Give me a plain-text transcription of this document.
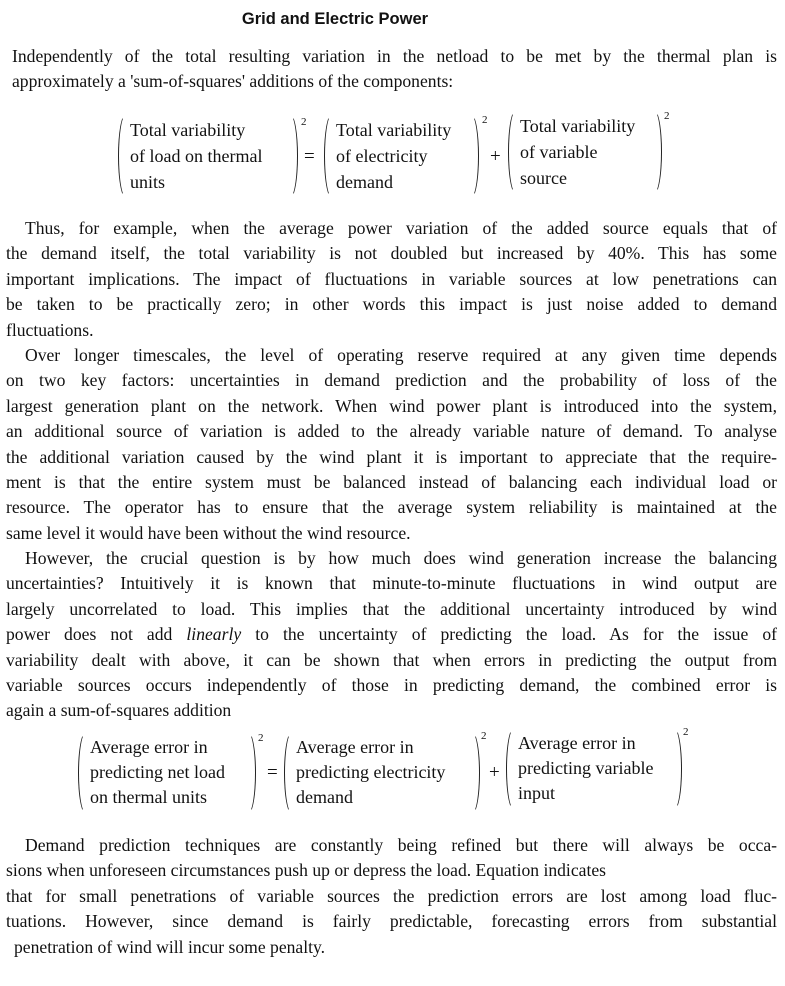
Grid and Electric Power
Independently of the total resulting variation in the netload to be met by the thermal plan is
approximately a 'sum-of-squares' additions of the components:
Total variability
of load on thermal
units
2
=
Total variability
of electricity
demand
2
+
Total variability
of variable
source
2
Thus, for example, when the average power variation of the added source equals that of
the demand itself, the total variability is not doubled but increased by 40%. This has some
important implications. The impact of fluctuations in variable sources at low penetrations can
be taken to be practically zero; in other words this impact is just noise added to demand
fluctuations.
Over longer timescales, the level of operating reserve required at any given time depends
on two key factors: uncertainties in demand prediction and the probability of loss of the
largest generation plant on the network. When wind power plant is introduced into the system,
an additional source of variation is added to the already variable nature of demand. To analyse
the additional variation caused by the wind plant it is important to appreciate that the require-
ment is that the entire system must be balanced instead of balancing each individual load or
resource. The operator has to ensure that the average system reliability is maintained at the
same level it would have been without the wind resource.
However, the crucial question is by how much does wind generation increase the balancing
uncertainties? Intuitively it is known that minute-to-minute fluctuations in wind output are
largely uncorrelated to load. This implies that the additional uncertainty introduced by wind
power does not add linearly to the uncertainty of predicting the load. As for the issue of
variability dealt with above, it can be shown that when errors in predicting the output from
variable sources occurs independently of those in predicting demand, the combined error is
again a sum-of-squares addition
Average error in
predicting net load
on thermal units
2
=
Average error in
predicting electricity
demand
2
+
Average error in
predicting variable
input
2
Demand prediction techniques are constantly being refined but there will always be occa-
sions when unforeseen circumstances push up or depress the load. Equation indicates
that for small penetrations of variable sources the prediction errors are lost among load fluc-
tuations. However, since demand is fairly predictable, forecasting errors from substantial
penetration of wind will incur some penalty.
